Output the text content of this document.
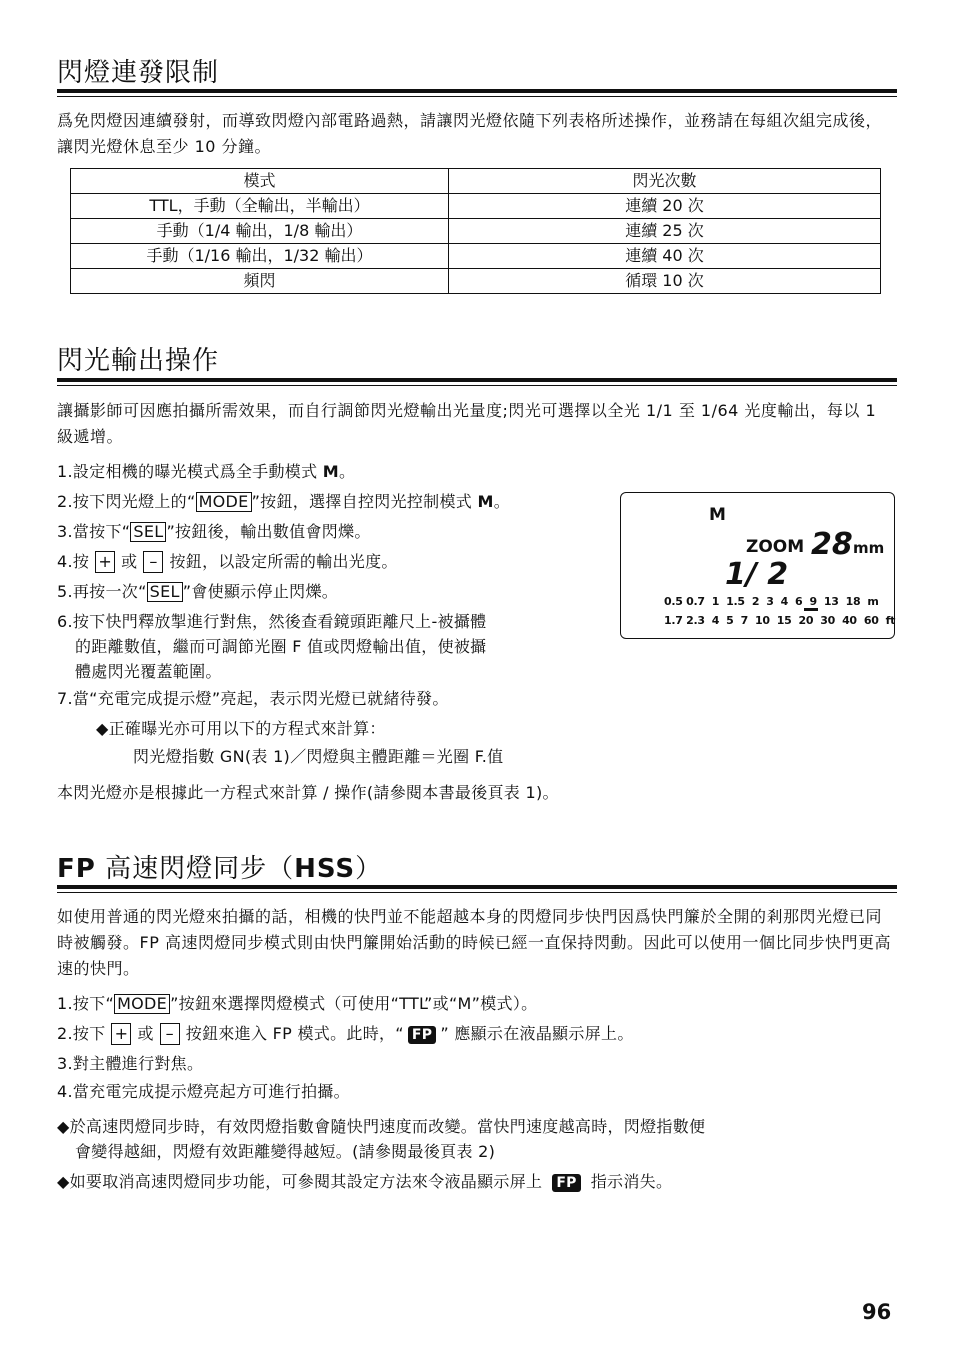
閃燈連發限制

爲免閃燈因連續發射，而導致閃燈內部電路過熱，請讓閃光燈依隨下列表格所述操作，並務請在每組次組完成後，讓閃光燈休息至少 10 分鐘。

模式	閃光次數
TTL，手動（全輸出，半輸出）	連續 20 次
手動（1/4 輸出，1/8 輸出）	連續 25 次
手動（1/16 輸出，1/32 輸出）	連續 40 次
頻閃	循環 10 次
閃光輸出操作

讓攝影師可因應拍攝所需效果，而自行調節閃光燈輸出光量度;閃光可選擇以全光 1/1 至 1/64 光度輸出，每以 1 級遞增。

1.設定相機的曝光模式爲全手動模式 M。
2.按下閃光燈上的“ MODE ”按鈕，選擇自控閃光控制模式 M。
3.當按下“ SEL ”按鈕後，輸出數值會閃爍。
4.按 + 或 – 按鈕，以設定所需的輸出光度。
5.再按一次“ SEL ”會使顯示停止閃爍。
6.按下快門釋放掣進行對焦，然後查看鏡頭距離尺上-被攝體
的距離數值，繼而可調節光圈 F 值或閃燈輸出值，使被攝
體處閃光覆蓋範圍。
7.當“充電完成提示燈”亮起，表示閃光燈已就緒待發。
◆正確曝光亦可用以下的方程式來計算：
閃光燈指數 GN(表 1)／閃燈與主體距離＝光圈 F.值
本閃光燈亦是根據此一方程式來計算 / 操作(請參閱本書最後頁表 1)。
M
ZOOM 28 mm
1/ 2
0.5 0.7  1  1.5  2  3  4  6  9  13  18  m
1.7 2.3  4  5  7  10  15  20  30  40  60  ft
FP 高速閃燈同步（HSS）

如使用普通的閃光燈來拍攝的話，相機的快門並不能超越本身的閃燈同步快門因爲快門簾於全開的剎那閃光燈已同時被觸發。FP 高速閃燈同步模式則由快門簾開始活動的時候已經一直保持閃動。因此可以使用一個比同步快門更高速的快門。

1.按下“ MODE ”按鈕來選擇閃燈模式（可使用“TTL”或“M”模式）。
2.按下 + 或 – 按鈕來進入 FP 模式。此時，“ FP ” 應顯示在液晶顯示屏上。
3.對主體進行對焦。
4.當充電完成提示燈亮起方可進行拍攝。
◆於高速閃燈同步時，有效閃燈指數會隨快門速度而改變。當快門速度越高時，閃燈指數便
會變得越細，閃燈有效距離變得越短。(請參閱最後頁表 2)
◆如要取消高速閃燈同步功能，可參閱其設定方法來令液晶顯示屏上 FP 指示消失。
96
